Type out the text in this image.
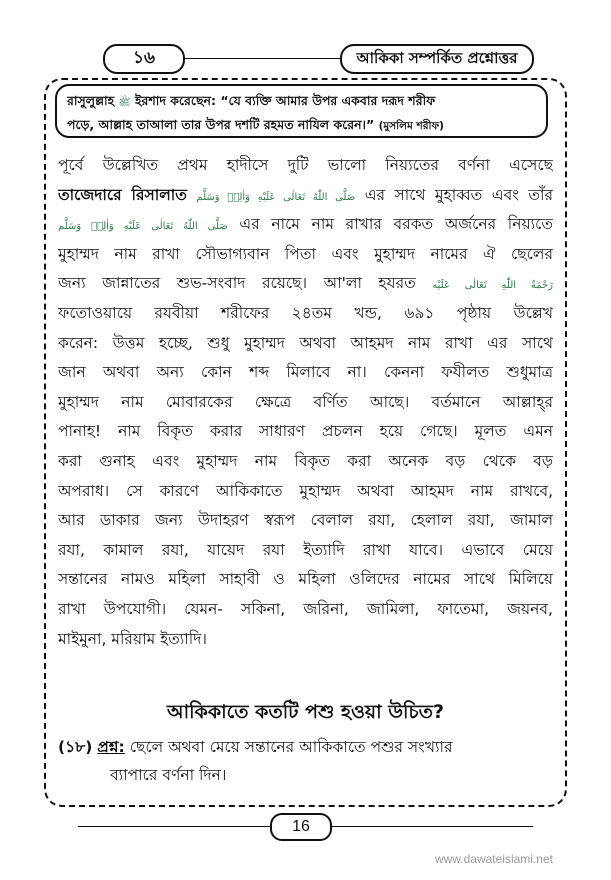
১৬	আকিকা সম্পর্কিত প্রশ্নোত্তর
রাসুলুল্লাহ ﷺ ইরশাদ করেছেন: “যে ব্যক্তি আমার উপর একবার দরূদ শরীফ
পড়ে, আল্লাহ তাআলা তার উপর দশটি রহমত নাযিল করেন।” (মুসলিম শরীফ)
পূর্বে উল্লেখিত প্রথম হাদীসে দুটি ভালো নিয়্যতের বর্ণনা এসেছে
তাজেদারে রিসালাত صَلَّى اللّٰهُ تَعَالٰى عَلَيْهِ وَاٰلِهٖ وَسَلَّم এর সাথে মুহাব্বত এবং তাঁর
صَلَّى اللّٰهُ تَعَالٰى عَلَيْهِ وَاٰلِهٖ وَسَلَّم এর নামে নাম রাখার বরকত অর্জনের নিয়্যতে
মুহাম্মদ নাম রাখা সৌভাগ্যবান পিতা এবং মুহাম্মদ নামের ঐ ছেলের
জন্য জান্নাতের শুভ-সংবাদ রয়েছে। আ'লা হযরত رَحْمَةُ اللّٰهِ تَعَالٰى عَلَيْه
ফতোওয়ায়ে রযবীয়া শরীফের ২৪তম খন্ড, ৬৯১ পৃষ্ঠায় উল্লেখ
করেন: উত্তম হচ্ছে, শুধু মুহাম্মদ অথবা আহমদ নাম রাখা এর সাথে
জান অথবা অন্য কোন শব্দ মিলাবে না। কেননা ফযীলত শুধুমাত্র
মুহাম্মদ নাম মোবারকের ক্ষেত্রে বর্ণিত আছে। বর্তমানে আল্লাহ্‌র
পানাহ! নাম বিকৃত করার সাধারণ প্রচলন হয়ে গেছে। মূলত এমন
করা গুনাহ এবং মুহাম্মদ নাম বিকৃত করা অনেক বড় থেকে বড়
অপরাধ। সে কারণে আকিকাতে মুহাম্মদ অথবা আহমদ নাম রাখবে,
আর ডাকার জন্য উদাহরণ স্বরূপ বেলাল রযা, হেলাল রযা, জামাল
রযা, কামাল রযা, যায়েদ রযা ইত্যাদি রাখা যাবে। এভাবে মেয়ে
সন্তানের নামও মহিলা সাহাবী ও মহিলা ওলিদের নামের সাথে মিলিয়ে
রাখা উপযোগী। যেমন- সকিনা, জরিনা, জামিলা, ফাতেমা, জয়নব,
মাইমুনা, মরিয়াম ইত্যাদি।
আকিকাতে কতটি পশু হওয়া উচিত?
(১৮) প্রশ্ন: ছেলে অথবা মেয়ে সন্তানের আকিকাতে পশুর সংখ্যার
ব্যাপারে বর্ণনা দিন।
16
www.dawateislami.net
